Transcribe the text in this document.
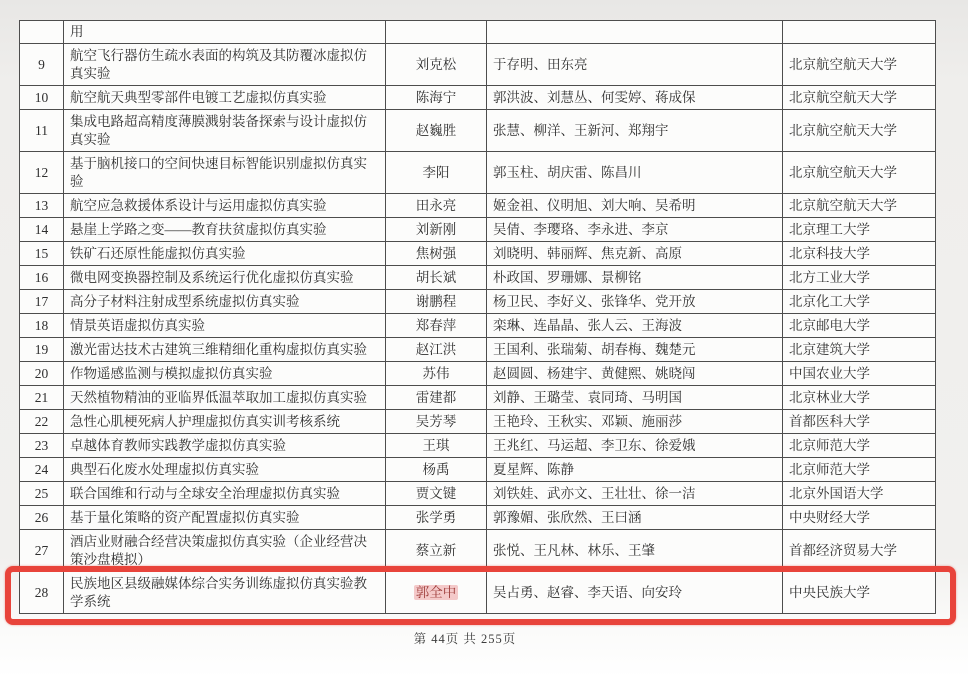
	用			
9	航空飞行器仿生疏水表面的构筑及其防覆冰虚拟仿真实验	刘克松	于存明、田东亮	北京航空航天大学
10	航空航天典型零部件电镀工艺虚拟仿真实验	陈海宁	郭洪波、刘慧丛、何雯婷、蒋成保	北京航空航天大学
11	集成电路超高精度薄膜溅射装备探索与设计虚拟仿真实验	赵巍胜	张慧、柳洋、王新河、郑翔宇	北京航空航天大学
12	基于脑机接口的空间快速目标智能识别虚拟仿真实验	李阳	郭玉柱、胡庆雷、陈昌川	北京航空航天大学
13	航空应急救援体系设计与运用虚拟仿真实验	田永亮	姬金祖、仪明旭、刘大响、吴希明	北京航空航天大学
14	悬崖上学路之变——教育扶贫虚拟仿真实验	刘新刚	吴倩、李璎珞、李永进、李京	北京理工大学
15	铁矿石还原性能虚拟仿真实验	焦树强	刘晓明、韩丽辉、焦克新、高原	北京科技大学
16	微电网变换器控制及系统运行优化虚拟仿真实验	胡长斌	朴政国、罗珊娜、景柳铭	北方工业大学
17	高分子材料注射成型系统虚拟仿真实验	谢鹏程	杨卫民、李好义、张锋华、党开放	北京化工大学
18	情景英语虚拟仿真实验	郑春萍	栾琳、连晶晶、张人云、王海波	北京邮电大学
19	激光雷达技术古建筑三维精细化重构虚拟仿真实验	赵江洪	王国利、张瑞菊、胡春梅、魏楚元	北京建筑大学
20	作物遥感监测与模拟虚拟仿真实验	苏伟	赵圆圆、杨建宇、黄健熙、姚晓闯	中国农业大学
21	天然植物精油的亚临界低温萃取加工虚拟仿真实验	雷建都	刘静、王璐莹、袁同琦、马明国	北京林业大学
22	急性心肌梗死病人护理虚拟仿真实训考核系统	吴芳琴	王艳玲、王秋实、邓颖、施丽莎	首都医科大学
23	卓越体育教师实践教学虚拟仿真实验	王琪	王兆红、马运超、李卫东、徐爱娥	北京师范大学
24	典型石化废水处理虚拟仿真实验	杨禹	夏星辉、陈静	北京师范大学
25	联合国维和行动与全球安全治理虚拟仿真实验	贾文键	刘铁娃、武亦文、王壮壮、徐一洁	北京外国语大学
26	基于量化策略的资产配置虚拟仿真实验	张学勇	郭豫媚、张欣然、王曰涵	中央财经大学
27	酒店业财融合经营决策虚拟仿真实验（企业经营决策沙盘模拟）	蔡立新	张悦、王凡林、林乐、王肇	首都经济贸易大学
28	民族地区县级融媒体综合实务训练虚拟仿真实验教学系统	郭全中	吴占勇、赵睿、李天语、向安玲	中央民族大学
第 44页 共 255页
